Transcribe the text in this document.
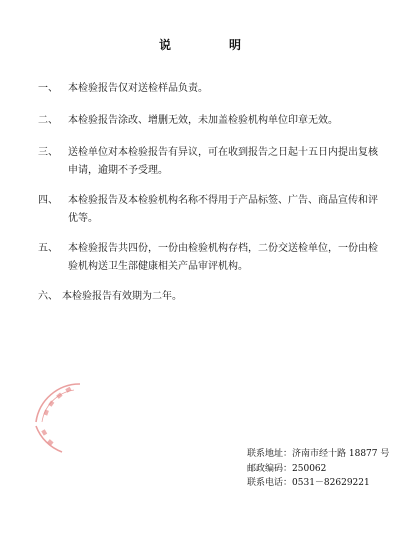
说明
一、	本检验报告仅对送检样品负责。
二、	本检验报告涂改、增删无效，未加盖检验机构单位印章无效。
三、	送检单位对本检验报告有异议，可在收到报告之日起十五日内提出复核申请，逾期不予受理。
四、	本检验报告及本检验机构名称不得用于产品标签、广告、商品宣传和评优等。
五、	本检验报告共四份，一份由检验机构存档，二份交送检单位，一份由检验机构送卫生部健康相关产品审评机构。
六、 本检验报告有效期为二年。
联系地址：济南市经十路 18877 号
邮政编码：250062
联系电话：0531－82629221
